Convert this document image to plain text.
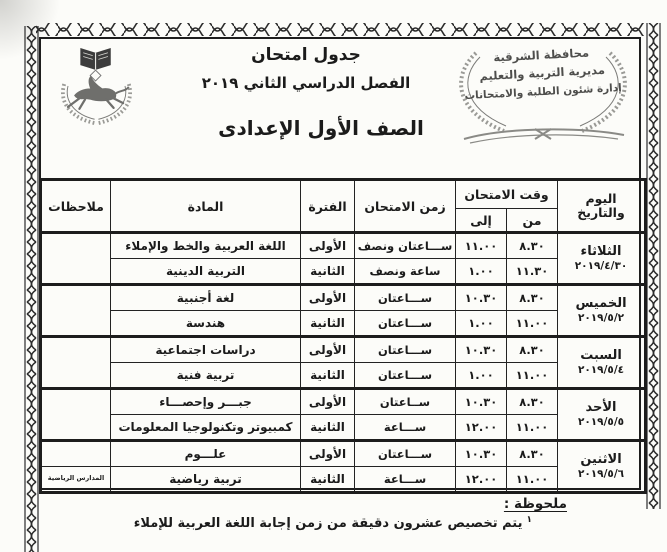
جدول امتحان
الفصل الدراسي الثاني ٢٠١٩
الصف الأول الإعدادى
محافظة الشرقية
مديرية التربية والتعليم
إدارة شئون الطلبة والامتحانات
اليوم
والتاريخ	وقت الامتحان		زمن الامتحان	الفترة	المادة	ملاحظات
	من	إلى				

الثلاثاء
٢٠١٩/٤/٣٠	٨.٣٠	١١.٠٠	ســـاعتان ونصف	الأولى	اللغة العربية والخط والإملاء	
	١١.٣٠	١.٠٠	ساعة ونصف	الثانية	التربية الدينية	

الخميس
٢٠١٩/٥/٢	٨.٣٠	١٠.٣٠	ســـاعتان	الأولى	لغة أجنبية	
	١١.٠٠	١.٠٠	ســـاعتان	الثانية	هندسة	

السبت
٢٠١٩/٥/٤	٨.٣٠	١٠.٣٠	ســـاعتان	الأولى	دراسات اجتماعية	
	١١.٠٠	١.٠٠	ســـاعتان	الثانية	تربية فنية	

الأحد
٢٠١٩/٥/٥	٨.٣٠	١٠.٣٠	ســاعتان	الأولى	جبـــر وإحصـــاء	
	١١.٠٠	١٢.٠٠	ســـاعة	الثانية	كمبيوتر وتكنولوجيا المعلومات	

الاثنين
٢٠١٩/٥/٦	٨.٣٠	١٠.٣٠	ســـاعتان	الأولى	علـــوم	
	١١.٠٠	١٢.٠٠	ســـاعة	الثانية	تربية رياضية	المدارس الرياضية
ملحوظة :
١يتم تخصيص عشرون دقيقة من زمن إجابة اللغة العربية للإملاء
